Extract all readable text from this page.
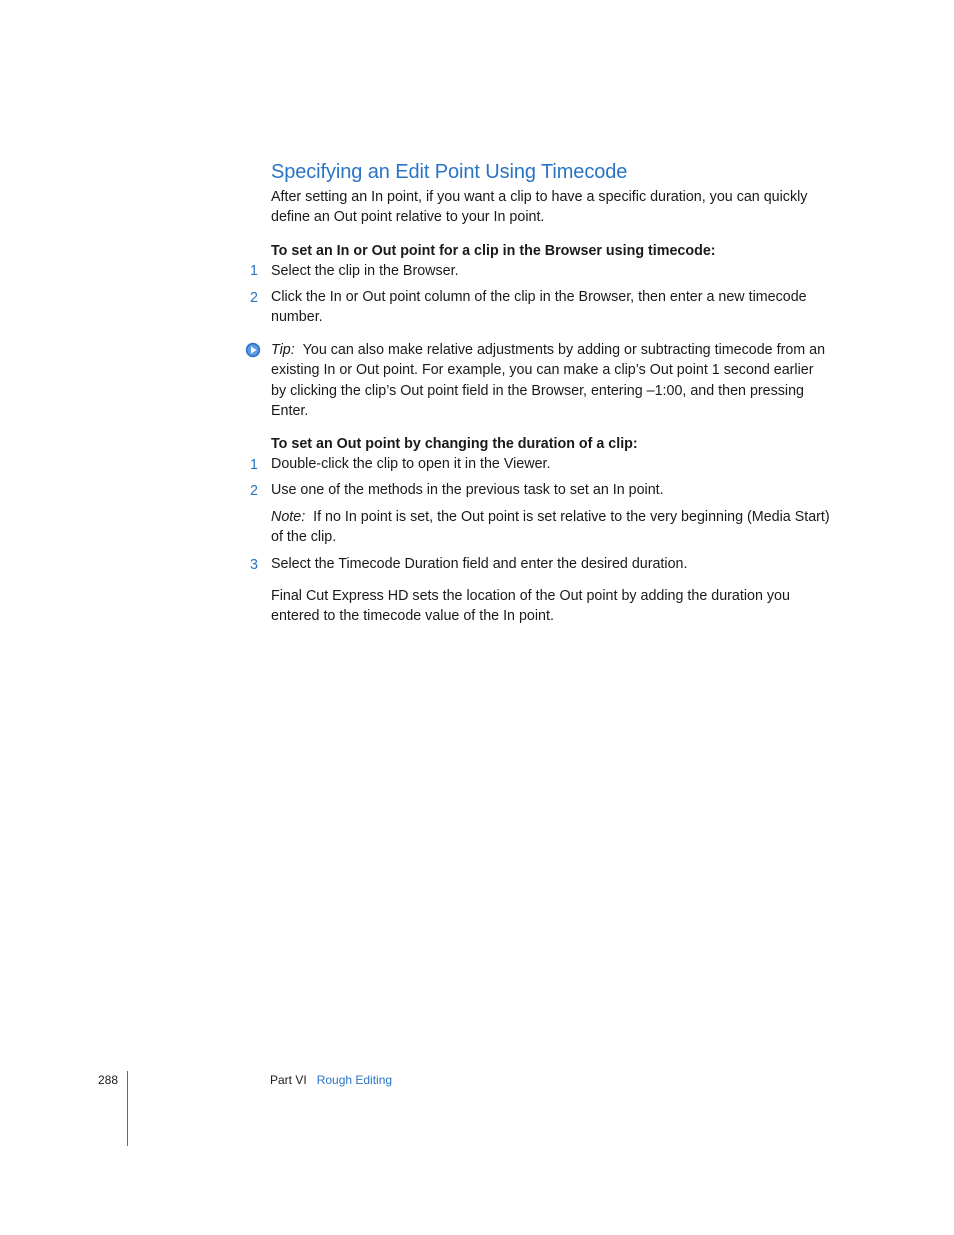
Specifying an Edit Point Using Timecode
After setting an In point, if you want a clip to have a specific duration, you can quickly define an Out point relative to your In point.
To set an In or Out point for a clip in the Browser using timecode:
1 Select the clip in the Browser.
2 Click the In or Out point column of the clip in the Browser, then enter a new timecode number.
Tip: You can also make relative adjustments by adding or subtracting timecode from an existing In or Out point. For example, you can make a clip’s Out point 1 second earlier by clicking the clip’s Out point field in the Browser, entering –1:00, and then pressing Enter.
To set an Out point by changing the duration of a clip:
1 Double-click the clip to open it in the Viewer.
2 Use one of the methods in the previous task to set an In point.
Note: If no In point is set, the Out point is set relative to the very beginning (Media Start) of the clip.
3 Select the Timecode Duration field and enter the desired duration.
Final Cut Express HD sets the location of the Out point by adding the duration you entered to the timecode value of the In point.
288	Part VI Rough Editing
